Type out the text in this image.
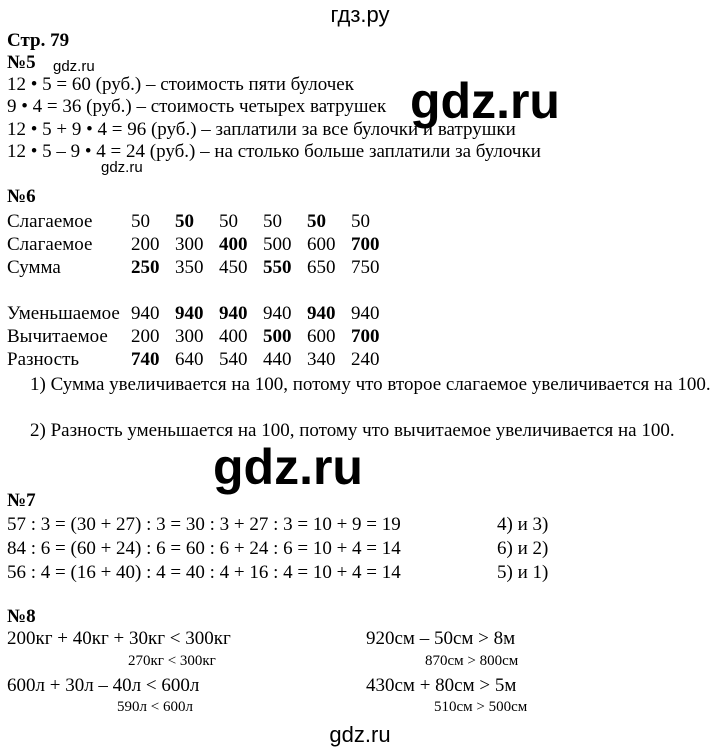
гдз.ру
Стр. 79
gdz.ru
gdz.ru
gdz.ru
gdz.ru
№5
12 • 5 = 60 (руб.) – стоимость пяти булочек
9 • 4 = 36 (руб.) – стоимость четырех ватрушек
12 • 5 + 9 • 4 = 96 (руб.) – заплатили за все булочки и ватрушки
12 • 5 – 9 • 4 = 24 (руб.) – на столько больше заплатили за булочки
№6
Слагаемое	50	50	50	50	50	50
Слагаемое	200	300	400	500	600	700
Сумма	250	350	450	550	650	750
Уменьшаемое	940	940	940	940	940	940
Вычитаемое	200	300	400	500	600	700
Разность	740	640	540	440	340	240
1) Сумма увеличивается на 100, потому что второе слагаемое увеличивается на 100.
2) Разность уменьшается на 100, потому что вычитаемое увеличивается на 100.
№7
57 : 3 = (30 + 27) : 3 = 30 : 3 + 27 : 3 = 10 + 9 = 19	4) и 3)
84 : 6 = (60 + 24) : 6 = 60 : 6 + 24 : 6 = 10 + 4 = 14	6) и 2)
56 : 4 = (16 + 40) : 4 = 40 : 4 + 16 : 4 = 10 + 4 = 14	5) и 1)
№8
200кг + 40кг + 30кг < 300кг
270кг < 300кг
600л + 30л – 40л < 600л
590л < 600л
920см – 50см > 8м
870см > 800см
430см + 80см > 5м
510см > 500см
gdz.ru
